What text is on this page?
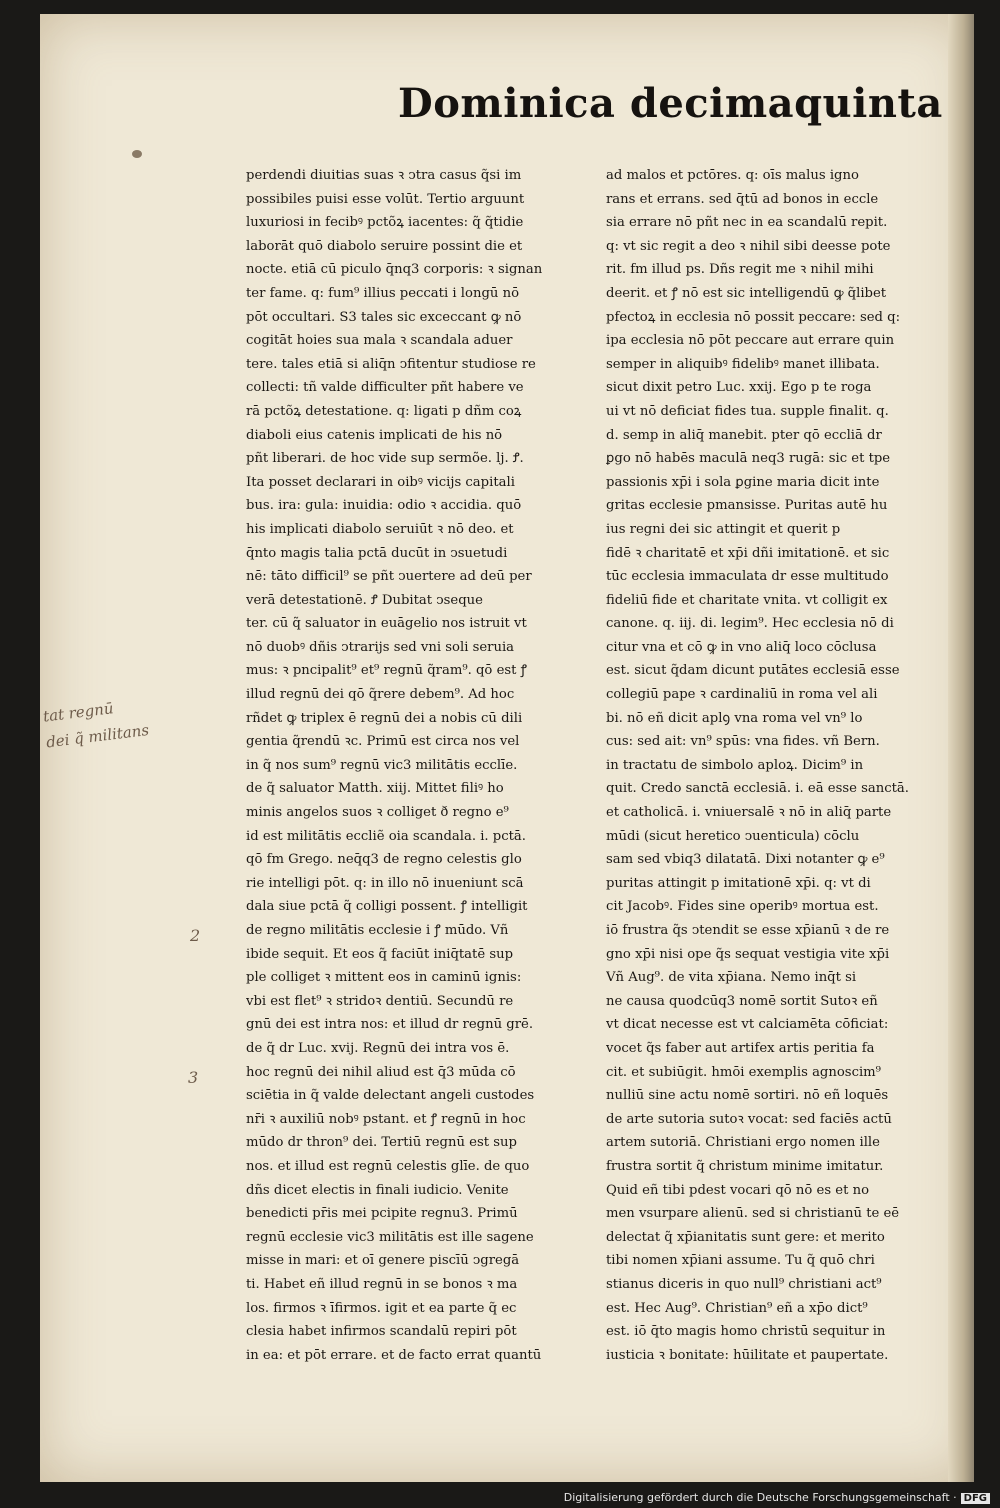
Dominica decimaquinta
perdendi diuitias suas ꝛ ↄtra casus q̃si im
possibiles puisi esse volūt. Tertio arguunt
luxuriosi in fecibꝰ pctõꝝ iacentes: q̃ q̃tidie
laborāt quō diabolo seruire possint die et
nocte. etiā cū piculo q̄nq3 corporis: ꝛ signan
ter fame. q: fum⁹ illius peccati i longū nō
pōt occultari. S3 tales sic exceccant ꝙ nō
cogitāt hoies sua mala ꝛ scandala aduer
tere. tales etiā si aliq̄n ↄfitentur studiose re
collecti: tñ valde difficulter pñt habere ve
rā pctõꝝ detestatione. q: ligati p dñm coꝝ
diaboli eius catenis implicati de his nō
pñt liberari. de hoc vide sup sermõe. lj. Ꝭ.
Ita posset declarari in oibꝰ vicijs capitali
bus. ira: gula: inuidia: odio ꝛ accidia. quō
his implicati diabolo seruiūt ꝛ nō deo. et
q̄nto magis talia pctā ducūt in ↄsuetudi
nē: tāto difficil⁹ se pñt ↄuertere ad deū per
verā detestationē. Ꝭ Dubitat ↄseque
ter. cū q̃ saluator in euāgelio nos istruit vt
nō duobꝰ dñis ↄtrarijs sed vni soli seruia
mus: ꝛ pncipalit⁹ et⁹ regnū q̃ram⁹. qō est ꝭ
illud regnū dei qō q̃rere debem⁹. Ad hoc
rñdet ꝙ triplex ē regnū dei a nobis cū dili
gentia q̃rendū ꝛc. Primū est circa nos vel
in q̃ nos sum⁹ regnū vic3 militātis ecclīe.
de q̃ saluator Matth. xiij. Mittet filiꝰ ho
minis angelos suos ꝛ colliget ð regno e⁹
id est militātis eccliẽ oia scandala. i. pctā.
qō fm Grego. neq̄q3 de regno celestis glo
rie intelligi pōt. q: in illo nō inueniunt scā
dala siue pctā q̃ colligi possent. ꝭ intelligit
de regno militātis ecclesie i ꝭ mūdo. Vñ
ibide sequit. Et eos q̃ faciūt iniq̄tatē sup
ple colliget ꝛ mittent eos in caminū ignis:
vbi est flet⁹ ꝛ stridoꝛ dentiū. Secundū re
gnū dei est intra nos: et illud dr regnū grē.
de q̃ dr Luc. xvij. Regnū dei intra vos ē.
hoc regnū dei nihil aliud est q̄3 mūda cō
sciētia in q̃ valde delectant angeli custodes
nr̄i ꝛ auxiliū nobꝰ pstant. et ꝭ regnū in hoc
mūdo dr thron⁹ dei. Tertiū regnū est sup
nos. et illud est regnū celestis glīe. de quo
dñs dicet electis in finali iudicio. Venite
benedicti pr̄is mei pcipite regnu3. Primū
regnū ecclesie vic3 militātis est ille sagene
misse in mari: et oī genere piscīū ↄgregā
ti. Habet eñ illud regnū in se bonos ꝛ ma
los. firmos ꝛ īfirmos. igit et ea parte q̃ ec
clesia habet infirmos scandalū repiri pōt
in ea: et pōt errare. et de facto errat quantū
ad malos et pctōres. q: oīs malus igno
rans et errans. sed q̄tū ad bonos in eccle
sia errare nō pñt nec in ea scandalū repit.
q: vt sic regit a deo ꝛ nihil sibi deesse pote
rit. fm illud ps. Dñs regit me ꝛ nihil mihi
deerit. et ꝭ nō est sic intelligendū ꝙ q̃libet
pfectoꝝ in ecclesia nō possit peccare: sed q:
ipa ecclesia nō pōt peccare aut errare quin
semper in aliquibꝰ fidelibꝰ manet illibata.
sicut dixit petro Luc. xxij. Ego p te roga
ui vt nō deficiat fides tua. supple finalit. q.
d. semp in aliq̄ manebit. pter qō eccliā dr
ꝑgo nō habēs maculā neq3 rugā: sic et tpe
passionis xp̄i i sola ꝑgine maria dicit inte
gritas ecclesie pmansisse. Puritas autē hu
ius regni dei sic attingit et querit p
fidē ꝛ charitatē et xp̄i dñi imitationē. et sic
tūc ecclesia immaculata dr esse multitudo
fideliū fide et charitate vnita. vt colligit ex
canone. q. iij. di. legim⁹. Hec ecclesia nō di
citur vna et cō ꝙ in vno aliq̄ loco cōclusa
est. sicut q̃dam dicunt putātes ecclesiā esse
collegiū pape ꝛ cardinaliū in roma vel ali
bi. nō eñ dicit aplꝯ vna roma vel vn⁹ lo
cus: sed ait: vn⁹ spūs: vna fides. vñ Bern.
in tractatu de simbolo aploꝝ. Dicim⁹ in
quit. Credo sanctā ecclesiā. i. eā esse sanctā.
et catholicā. i. vniuersalē ꝛ nō in aliq̄ parte
mūdi (sicut heretico ↄuenticula) cōclu
sam sed vbiq3 dilatatā. Dixi notanter ꝙ e⁹
puritas attingit p imitationē xp̄i. q: vt di
cit Jacobꝰ. Fides sine operibꝰ mortua est.
iō frustra q̃s ↄtendit se esse xp̄ianū ꝛ de re
gno xp̄i nisi ope q̃s sequat vestigia vite xp̄i
Vñ Aug⁹. de vita xp̄iana. Nemo inq̄t si
ne causa quodcūq3 nomē sortit Sutoꝛ eñ
vt dicat necesse est vt calciamēta cōficiat:
vocet q̃s faber aut artifex artis peritia fa
cit. et subiūgit. hmōi exemplis agnoscim⁹
nulliū sine actu nomē sortiri. nō eñ loquēs
de arte sutoria sutoꝛ vocat: sed faciēs actū
artem sutoriā. Christiani ergo nomen ille
frustra sortit q̃ christum minime imitatur.
Quid eñ tibi pdest vocari qō nō es et no
men vsurpare alienū. sed si christianū te eē
delectat q̃ xp̄ianitatis sunt gere: et merito
tibi nomen xp̄iani assume. Tu q̃ quō chri
stianus diceris in quo null⁹ christiani act⁹
est. Hec Aug⁹. Christian⁹ eñ a xp̄o dict⁹
est. iō q̄to magis homo christū sequitur in
iusticia ꝛ bonitate: hūilitate et paupertate.
tat regnū
dei q̃ militans
2
3
Digitalisierung gefördert durch die Deutsche Forschungsgemeinschaft · DFG
